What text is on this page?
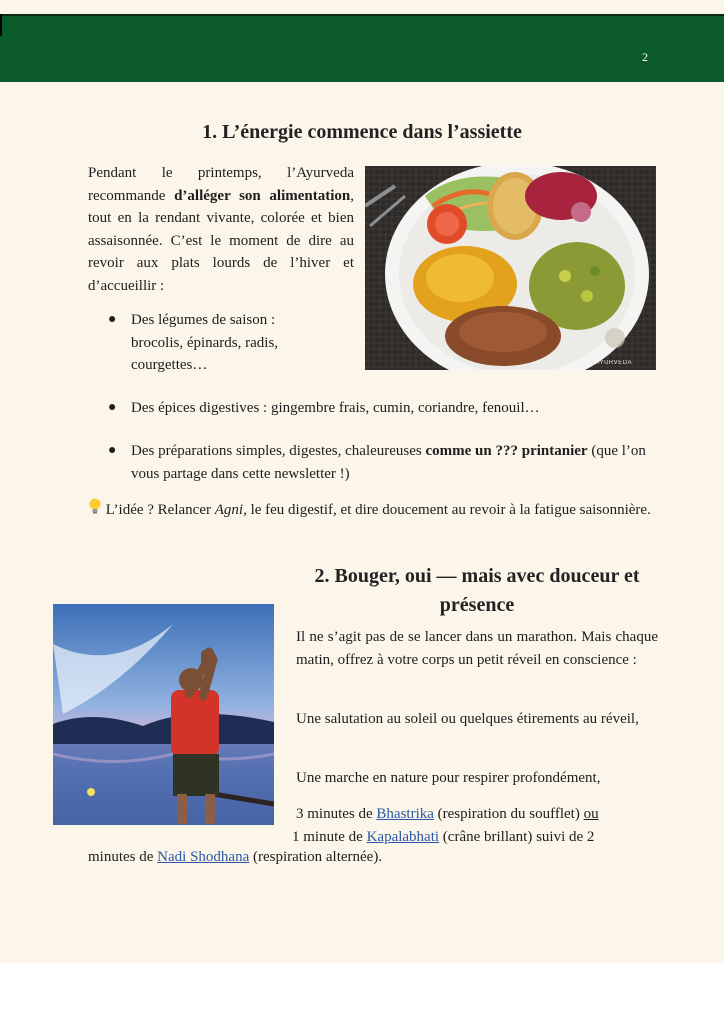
2
1. L’énergie commence dans l’assiette
Pendant le printemps, l’Ayurveda recommande d’alléger son alimentation, tout en la rendant vivante, colorée et bien assaisonnée. C’est le moment de dire au revoir aux plats lourds de l’hiver et d’accueillir :
AYURVEDA
● Des légumes de saison : brocolis, épinards, radis, courgettes…
● Des épices digestives : gingembre frais, cumin, coriandre, fenouil…
● Des préparations simples, digestes, chaleureuses comme un ??? printanier (que l’on vous partage dans cette newsletter !)
L’idée ? Relancer Agni, le feu digestif, et dire doucement au revoir à la fatigue saisonnière.
2. Bouger, oui — mais avec douceur et présence
Il ne s’agit pas de se lancer dans un marathon. Mais chaque matin, offrez à votre corps un petit réveil en conscience :
Une salutation au soleil ou quelques étirements au réveil,
Une marche en nature pour respirer profondément,
3 minutes de Bhastrika (respiration du soufflet) ou
1 minute de Kapalabhati (crâne brillant) suivi de 2
minutes de Nadi Shodhana (respiration alternée).
